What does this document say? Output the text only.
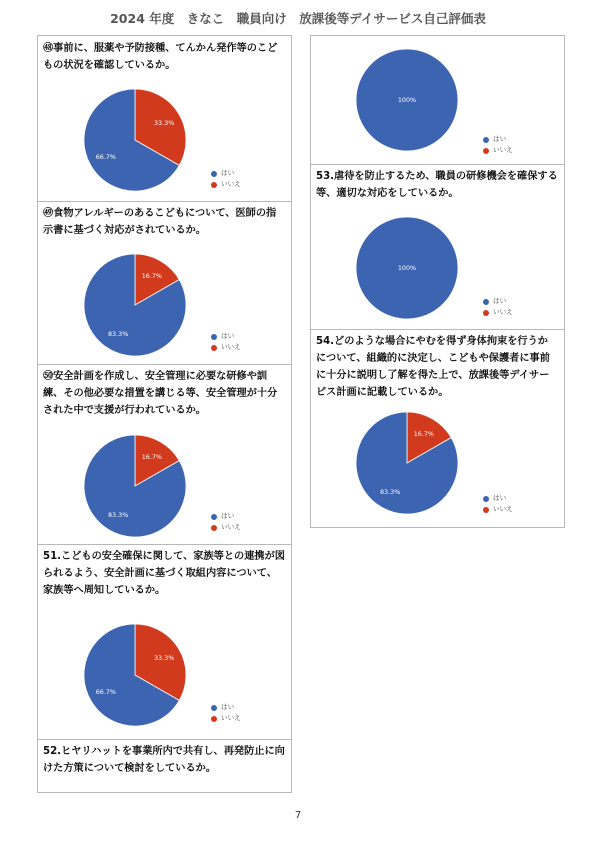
2024 年度　きなこ　職員向け　放課後等デイサービス自己評価表
㊽事前に、服薬や予防接種、てんかん発作等のこどもの状況を確認しているか。
33.3%
66.7%
はい
いいえ
㊾食物アレルギーのあるこどもについて、医師の指示書に基づく対応がされているか。
16.7%
83.3%	はい
いいえ
㊿安全計画を作成し、安全管理に必要な研修や訓練、その他必要な措置を講じる等、安全管理が十分された中で支援が行われているか。
16.7%
83.3%	はい
いいえ
51.こどもの安全確保に関して、家族等との連携が図られるよう、安全計画に基づく取組内容について、家族等へ周知しているか。
33.3%
66.7%
はい
いいえ
52.ヒヤリハットを事業所内で共有し、再発防止に向けた方策について検討をしているか。
100%
はい
いいえ
53.虐待を防止するため、職員の研修機会を確保する等、適切な対応をしているか。
100%
はい
いいえ
54.どのような場合にやむを得ず身体拘束を行うかについて、組織的に決定し、こどもや保護者に事前に十分に説明し了解を得た上で、放課後等デイサービス計画に記載しているか。
16.7%
83.3%
はい
いいえ
7
